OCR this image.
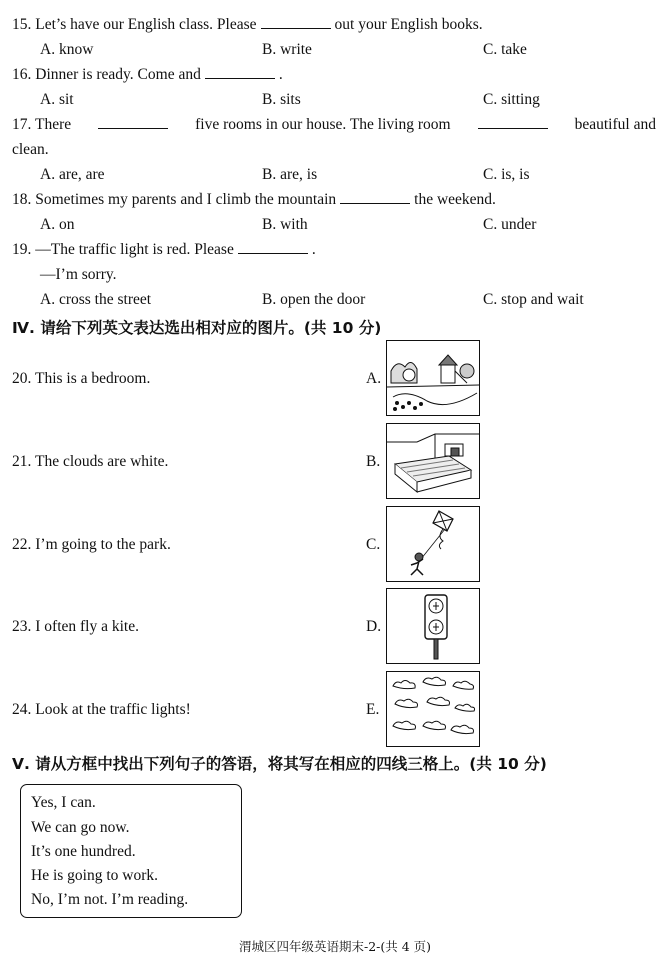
15. Let’s have our English class. Please	out your English books.
A. know	B. write	C. take
16. Dinner is ready. Come and	.
A. sit	B. sits	C. sitting
17. There	five rooms in our house. The living room	beautiful and
clean.
A. are, are	B. are, is	C. is, is
18. Sometimes my parents and I climb the mountain	the weekend.
A. on	B. with	C. under
19. —The traffic light is red. Please	.
—I’m sorry.
A. cross the street	B. open the door	C. stop and wait
Ⅳ. 请给下列英文表达选出相对应的图片。(共 10 分)
20. This is a bedroom.	A.
21. The clouds are white.	B.
22. I’m going to the park.	C.
23. I often fly a kite.	D.
24. Look at the traffic lights!	E.
Ⅴ. 请从方框中找出下列句子的答语，将其写在相应的四线三格上。(共 10 分)
Yes, I can.
We can go now.
It’s one hundred.
He is going to work.
No, I’m not. I’m reading.
渭城区四年级英语期末-2-(共 4 页)
